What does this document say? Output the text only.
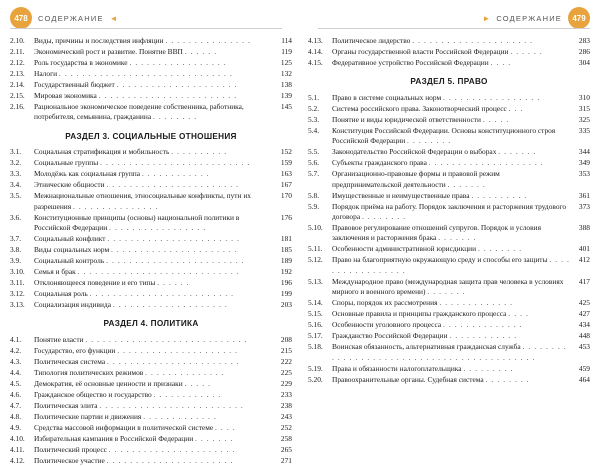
478	СОДЕРЖАНИЕ ◄	479
СОДЕРЖАНИЕ
►
2.10.	Виды, причины и последствия инфляции . . . . . . . . . . . . . . .	114
2.11.	Экономический рост и развитие. Понятие ВВП . . . . . .	119
2.12.	Роль государства в экономике . . . . . . . . . . . . . . . . .	125
2.13.	Налоги . . . . . . . . . . . . . . . . . . . . . . . . . . . . . .	132
2.14.	Государственный бюджет . . . . . . . . . . . . . . . . . . . . .	138
2.15.	Мировая экономика . . . . . . . . . . . . . . . . . . . . . . . .	139
2.16.	Рациональное экономическое поведение собственника, работника, потребителя, семьянина, гражданина . . . . . . . .
145
РАЗДЕЛ 3. СОЦИАЛЬНЫЕ ОТНОШЕНИЯ
3.1.	Социальная стратификация и мобильность . . . . . . . . . .	152
3.2.	Социальные группы . . . . . . . . . . . . . . . . . . . . . . . . . .	159
3.3.	Молодёжь как социальная группа . . . . . . . . . . . .	163
3.4.	Этнические общности . . . . . . . . . . . . . . . . . . . . . . .	167
3.5.	Межнациональные отношения, этносоциальные конфликты, пути их разрешения . . . . . . . . . . . . . . .
170
3.6.	Конституционные принципы (основы) национальной политики в Российской Федерации . . . . . . . . . . . . . . . . .
176
3.7.	Социальный конфликт . . . . . . . . . . . . . . . . . . . . . . .	181
3.8.	Виды социальных норм . . . . . . . . . . . . . . . . . . . . . .	185
3.9.	Социальный контроль . . . . . . . . . . . . . . . . . . . . . . . .	189
3.10.	Семья и брак . . . . . . . . . . . . . . . . . . . . . . . . . . . .	192
3.11.	Отклоняющееся поведение и его типы . . . . . .	196
3.12.	Социальная роль . . . . . . . . . . . . . . . . . . . . . . . . .	199
3.13.	Социализация индивида . . . . . . . . . . . . . . . . . . . .	203
РАЗДЕЛ 4. ПОЛИТИКА
4.1.	Понятие власти . . . . . . . . . . . . . . . . . . . . . . . . . . . .	208
4.2.	Государство, его функции . . . . . . . . . . . . . . . . . . . . .	215
4.3.	Политическая система . . . . . . . . . . . . . . . . . . . . . . .	222
4.4.	Типология политических режимов . . . . . . . . . . . . . .	225
4.5.	Демократия, её основные ценности и признаки . . . . .	229
4.6.	Гражданское общество и государство . . . . . . . . . . . .	233
4.7.	Политическая элита . . . . . . . . . . . . . . . . . . . . . . . . .	238
4.8.	Политические партии и движения . . . . . . . . . . . . .	243
4.9.	Средства массовой информации в политической системе . . . .	252
4.10.	Избирательная кампания в Российской Федерации . . . . . . .	258
4.11.	Политический процесс . . . . . . . . . . . . . . . . . . . . . .	265
4.12.	Политическое участие . . . . . . . . . . . . . . . . . . . . . .	271
4.13.	Политическое лидерство . . . . . . . . . . . . . . . . . . . . .	283
4.14.	Органы государственной власти Российской Федерации . . . . . .	286
4.15.	Федеративное устройство Российской Федерации . . . .	304
РАЗДЕЛ 5. ПРАВО
5.1.	Право в системе социальных норм . . . . . . . . . . . . . . . . .	310
5.2.	Система российского права. Законотворческий процесс . . .	315
5.3.	Понятие и виды юридической ответственности . . . . .	325
5.4.	Конституция Российской Федерации. Основы конституционного строя Российской Федерации . . . . . . . .
335
5.5.	Законодательство Российской Федерации о выборах . . . . . . .	344
5.6.	Субъекты гражданского права . . . . . . . . . . . . . . . . . . . .	349
5.7.	Организационно-правовые формы и правовой режим предпринимательской деятельности . . . . . . .
353
5.8.	Имущественные и неимущественные права . . . . . . . . . .	361
5.9.	Порядок приёма на работу. Порядок заключения и расторжения трудового договора . . . . . . . .
373
5.10.	Правовое регулирование отношений супругов. Порядок и условия заключения и расторжения брака . . . . . . .
388
5.11.	Особенности административной юрисдикции . . . . . . . .	401
5.12.	Право на благоприятную окружающую среду и способы его защиты . . . . . . . . . . . . . . . . .
412
5.13.	Международное право (международная защита прав человека в условиях мирного и военного времени) . . . . . . .
417
5.14.	Споры, порядок их рассмотрения . . . . . . . . . . . . .	425
5.15.	Основные правила и принципы гражданского процесса . . . .	427
5.16.	Особенности уголовного процесса . . . . . . . . . . . . . .	434
5.17.	Гражданство Российской Федерации . . . . . . . . . . . .	448
5.18.	Воинская обязанность, альтернативная гражданская служба . . . . . . . . . . . . . . . . . . . . . . . . . . . . . . . . . . . . . . . . . . .
453
5.19.	Права и обязанности налогоплательщика . . . . . . . . .	459
5.20.	Правоохранительные органы. Судебная система . . . . . . . .	464
